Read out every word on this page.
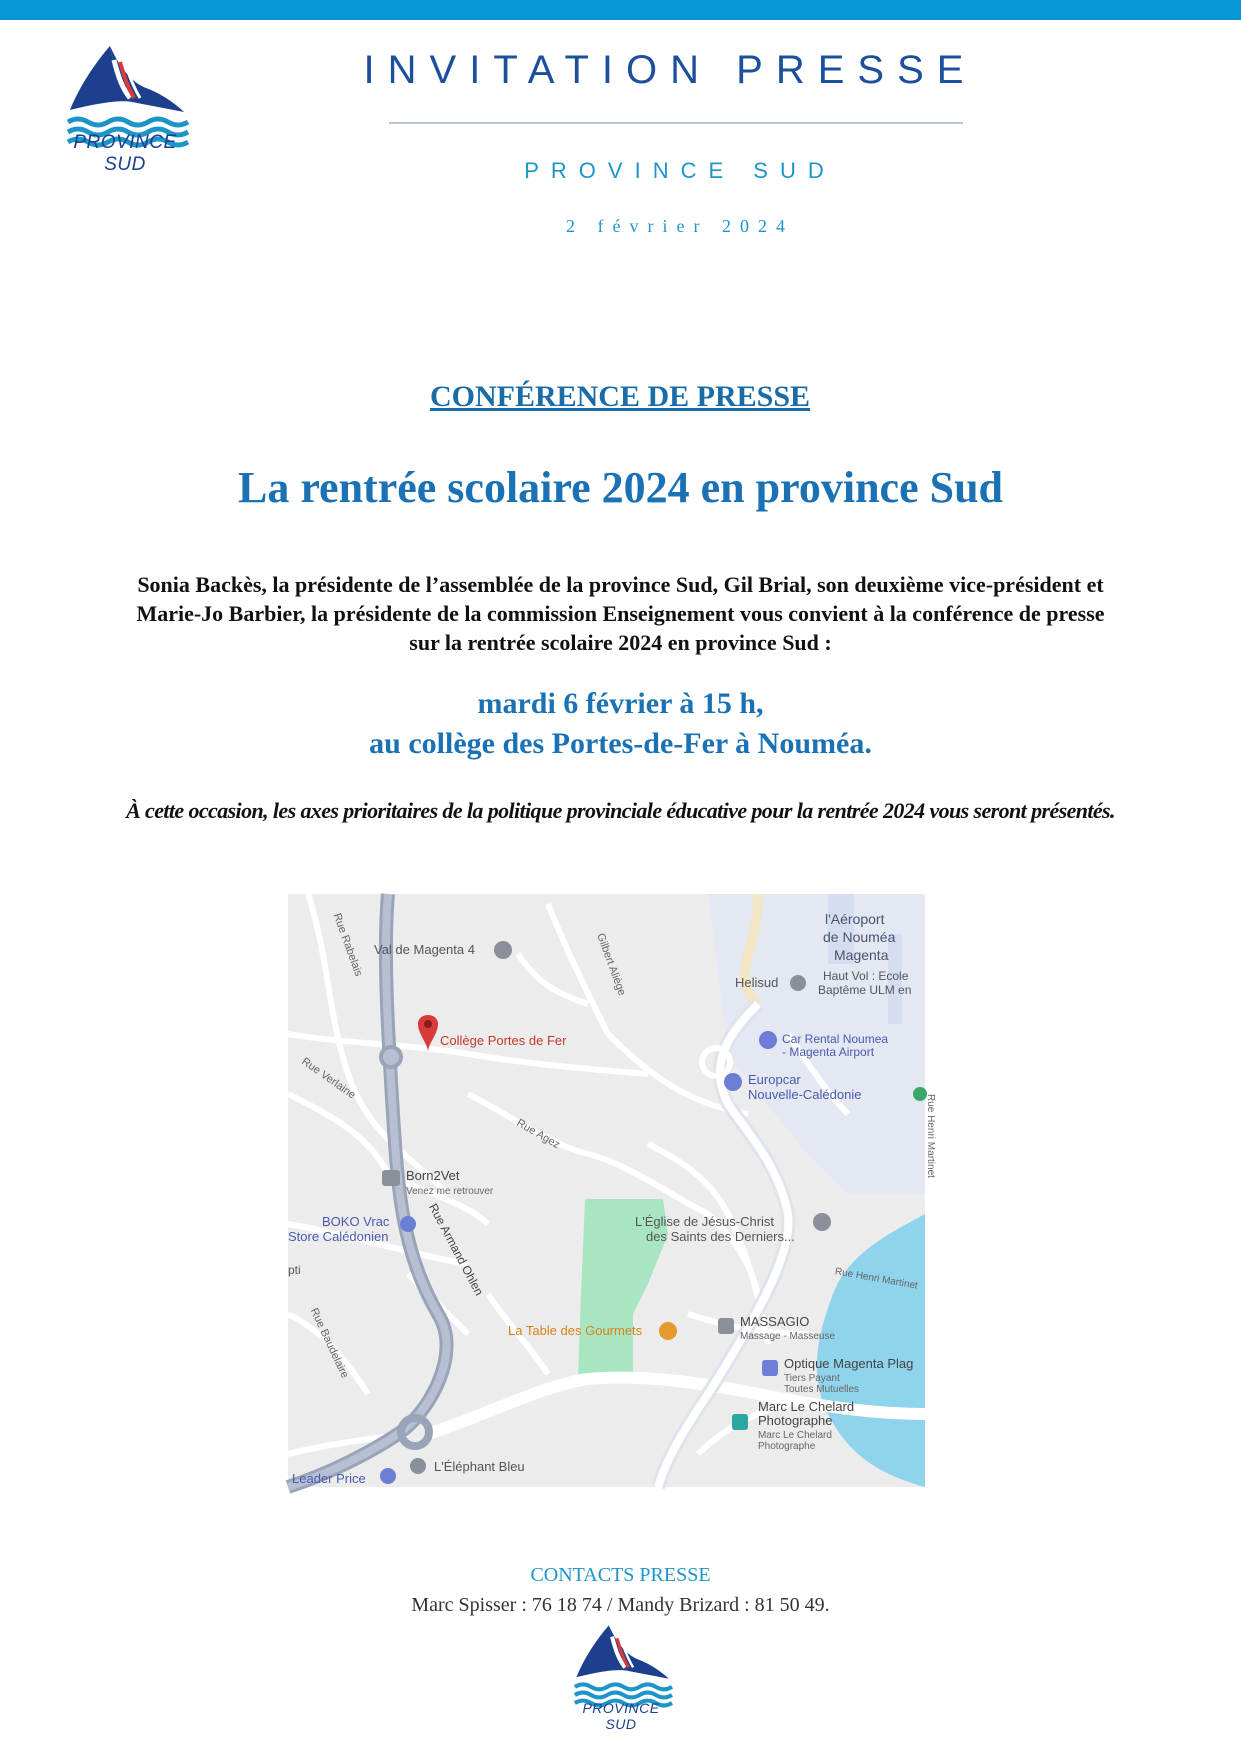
PROVINCE SUD
INVITATION PRESSE
PROVINCE SUD
2 février 2024
CONFÉRENCE DE PRESSE
La rentrée scolaire 2024 en province Sud
Sonia Backès, la présidente de l’assemblée de la province Sud, Gil Brial, son deuxième vice-président et Marie-Jo Barbier, la présidente de la commission Enseignement vous convient à la conférence de presse sur la rentrée scolaire 2024 en province Sud :
mardi 6 février à 15 h,
au collège des Portes-de-Fer à Nouméa.
À cette occasion, les axes prioritaires de la politique provinciale éducative pour la rentrée 2024 vous seront présentés.
Val de Magenta 4
Collège Portes de Fer
l'Aéroport
de Nouméa
Magenta
Helisud	Haut Vol : Ecole
Baptême ULM en
Car Rental Noumea
- Magenta Airport
Europcar
Nouvelle-Calédonie
Rue Rabelais
Rue Verlaine
Rue Agez
Gilbert Aliège
Rue Armand Ohlen
Rue Baudelaire
Rue Henri Martinet
Rue Henri Martinet
pti
Born2Vet
Venez me retrouver
BOKO Vrac
Store Calédonien
L'Église de Jésus-Christ
des Saints des Derniers...
La Table des Gourmets
MASSAGIO
Massage - Masseuse
Optique Magenta Plag
Tiers Payant
Toutes Mutuelles
Marc Le Chelard
Photographe
Marc Le Chelard
Photographe
L'Éléphant Bleu
Leader Price
CONTACTS PRESSE
Marc Spisser : 76 18 74 / Mandy Brizard : 81 50 49.
PROVINCE SUD
